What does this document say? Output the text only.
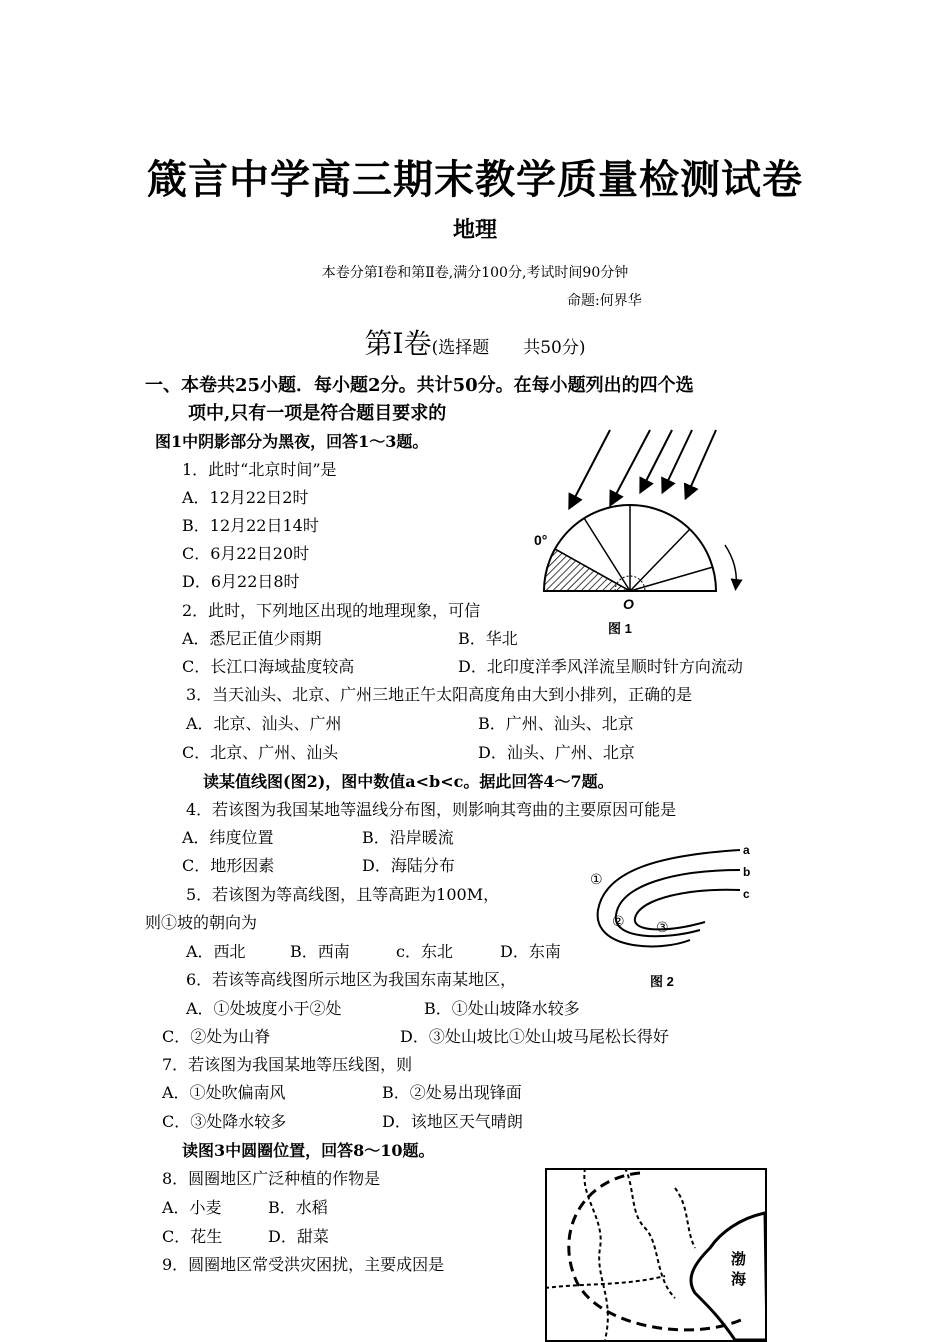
箴言中学高三期末教学质量检测试卷
地理
本卷分第Ⅰ卷和第Ⅱ卷,满分100分,考试时间90分钟
命题:何界华
第Ⅰ卷(选择题　　共50分)
一、本卷共25小题．每小题2分。共计50分。在每小题列出的四个选
项中,只有一项是符合题目要求的
图1中阴影部分为黑夜，回答1～3题。
1．此时“北京时间”是
A．12月22日2时
B．12月22日14时
C．6月22日20时
D．6月22日8时
2．此时，下列地区出现的地理现象，可信
A．悉尼正值少雨期	B．华北
C．长江口海域盐度较高	D．北印度洋季风洋流呈顺时针方向流动
3．当天汕头、北京、广州三地正午太阳高度角由大到小排列，正确的是
A．北京、汕头、广州	B．广州、汕头、北京
C．北京、广州、汕头	D．汕头、广州、北京
读某值线图(图2)，图中数值a<b<c。据此回答4～7题。
4．若该图为我国某地等温线分布图，则影响其弯曲的主要原因可能是
A．纬度位置	B．沿岸暖流
C．地形因素	D．海陆分布
5．若该图为等高线图，且等高距为100M，
则①坡的朝向为
A．西北	B．西南	c．东北	D．东南
6．若该等高线图所示地区为我国东南某地区，
A．①处坡度小于②处	B．①处山坡降水较多
C．②处为山脊	D．③处山坡比①处山坡马尾松长得好
7．若该图为我国某地等压线图，则
A．①处吹偏南风	B．②处易出现锋面
C．③处降水较多	D．该地区天气晴朗
读图3中圆圈位置，回答8～10题。
8．圆圈地区广泛种植的作物是
A．小麦	B．水稻
C．花生	D．甜菜
9．圆圈地区常受洪灾困扰，主要成因是
0°
O
图 1
a
b
c
①
② ③
图 2
渤
海
